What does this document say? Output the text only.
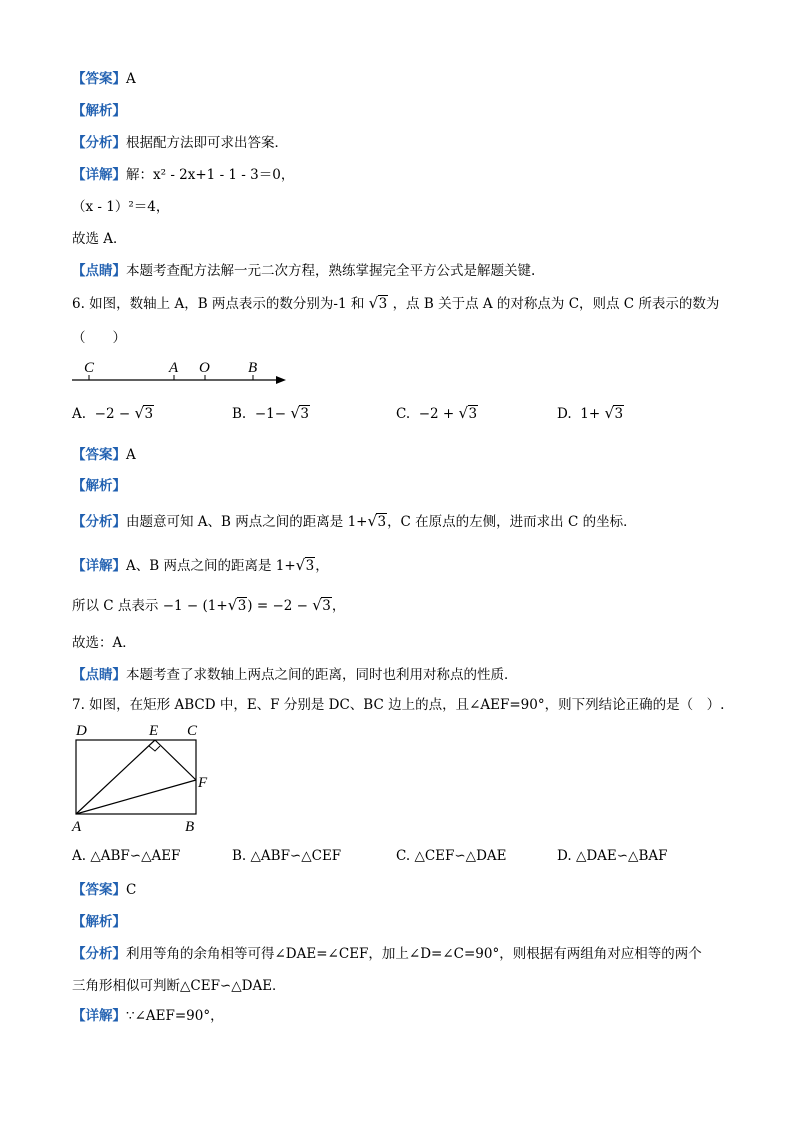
【答案】A
【解析】
【分析】根据配方法即可求出答案．
【详解】解：x² - 2x+1 - 1 - 3＝0，
（x - 1）²＝4，
故选 A．
【点睛】本题考查配方法解一元二次方程，熟练掌握完全平方公式是解题关键.
6. 如图，数轴上 A，B 两点表示的数分别为-1 和 √ 3 ，点 B 关于点 A 的对称点为 C，则点 C 所表示的数为
（　　）
C	A O	B
A. −2 − √ 3	B. −1− √ 3	C. −2 + √ 3	D. 1+ √ 3
【答案】A
【解析】
【分析】由题意可知 A、B 两点之间的距离是 1+ √ 3，C 在原点的左侧，进而求出 C 的坐标．
【详解】A、B 两点之间的距离是 1+ √ 3，
所以 C 点表示 −1 − (1+ √ 3) = −2 − √ 3，
故选：A．
【点睛】本题考查了求数轴上两点之间的距离，同时也利用对称点的性质．
7. 如图，在矩形 ABCD 中，E、F 分别是 DC、BC 边上的点，且∠AEF=90°，则下列结论正确的是（　）.
D	E C
F
A	B
A. △ABF∽△AEF	B. △ABF∽△CEF	C. △CEF∽△DAE	D. △DAE∽△BAF
【答案】C
【解析】
【分析】利用等角的余角相等可得∠DAE=∠CEF，加上∠D=∠C=90°，则根据有两组角对应相等的两个
三角形相似可判断△CEF∽△DAE．
【详解】∵∠AEF=90°，
